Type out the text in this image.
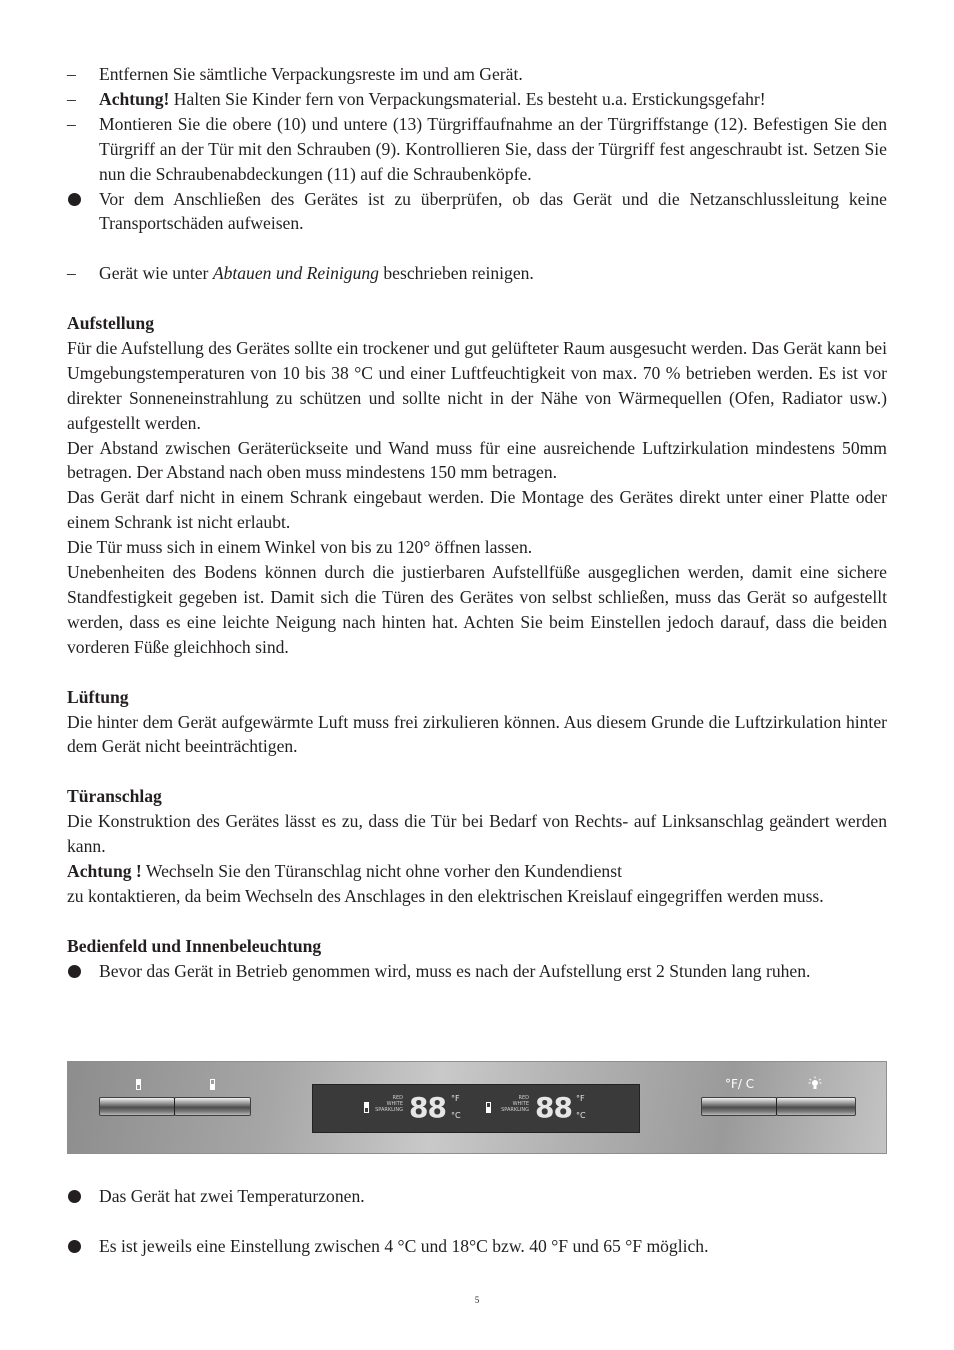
–	Entfernen Sie sämtliche Verpackungsreste im und am Gerät.
–	Achtung! Halten Sie Kinder fern von Verpackungsmaterial. Es besteht u.a. Erstickungsgefahr!
–	Montieren Sie die obere (10) und untere (13) Türgriffaufnahme an der Türgriffstange (12). Befestigen Sie den Türgriff an der Tür mit den Schrauben (9). Kontrollieren Sie, dass der Türgriff fest angeschraubt ist. Setzen Sie nun die Schraubenabdeckungen (11) auf die Schraubenköpfe.
Vor dem Anschließen des Gerätes ist zu überprüfen, ob das Gerät und die Netzanschlussleitung keine Transportschäden aufweisen.
–	Gerät wie unter Abtauen und Reinigung beschrieben reinigen.

Aufstellung

Für die Aufstellung des Gerätes sollte ein trockener und gut gelüfteter Raum ausgesucht werden. Das Gerät kann bei Umgebungstemperaturen von 10 bis 38 °C und einer Luftfeuchtigkeit von max. 70 % betrieben werden. Es ist vor direkter Sonneneinstrahlung zu schützen und sollte nicht in der Nähe von Wärmequellen (Ofen, Radiator usw.) aufgestellt werden.

Der Abstand zwischen Geräterückseite und Wand muss für eine ausreichende Luftzirkulation mindestens 50mm betragen. Der Abstand nach oben muss mindestens 150 mm betragen.

Das Gerät darf nicht in einem Schrank eingebaut werden. Die Montage des Gerätes direkt unter einer Platte oder einem Schrank ist nicht erlaubt.

Die Tür muss sich in einem Winkel von bis zu 120° öffnen lassen.

Unebenheiten des Bodens können durch die justierbaren Aufstellfüße ausgeglichen werden, damit eine sichere Standfestigkeit gegeben ist. Damit sich die Türen des Gerätes von selbst schließen, muss das Gerät so aufgestellt werden, dass es eine leichte Neigung nach hinten hat. Achten Sie beim Einstellen jedoch darauf, dass die beiden vorderen Füße gleichhoch sind.

Lüftung

Die hinter dem Gerät aufgewärmte Luft muss frei zirkulieren können. Aus diesem Grunde die Luftzirkulation hinter dem Gerät nicht beeinträchtigen.

Türanschlag

Die Konstruktion des Gerätes lässt es zu, dass die Tür bei Bedarf von Rechts- auf Linksanschlag geändert werden kann.

Achtung ! Wechseln Sie den Türanschlag nicht ohne vorher den Kundendienst

zu kontaktieren, da beim Wechseln des Anschlages in den elektrischen Kreislauf eingegriffen werden muss.

Bedienfeld und Innenbeleuchtung

Bevor das Gerät in Betrieb genommen wird, muss es nach der Aufstellung erst 2 Stunden lang ruhen.
RED
WHITE
SPARKLING 88 °F
°C
RED
WHITE
SPARKLING 88 °F
°C
°F/ C
Das Gerät hat zwei Temperaturzonen.
Es ist jeweils eine Einstellung zwischen 4 °C und 18°C bzw. 40 °F und 65 °F möglich.
5
